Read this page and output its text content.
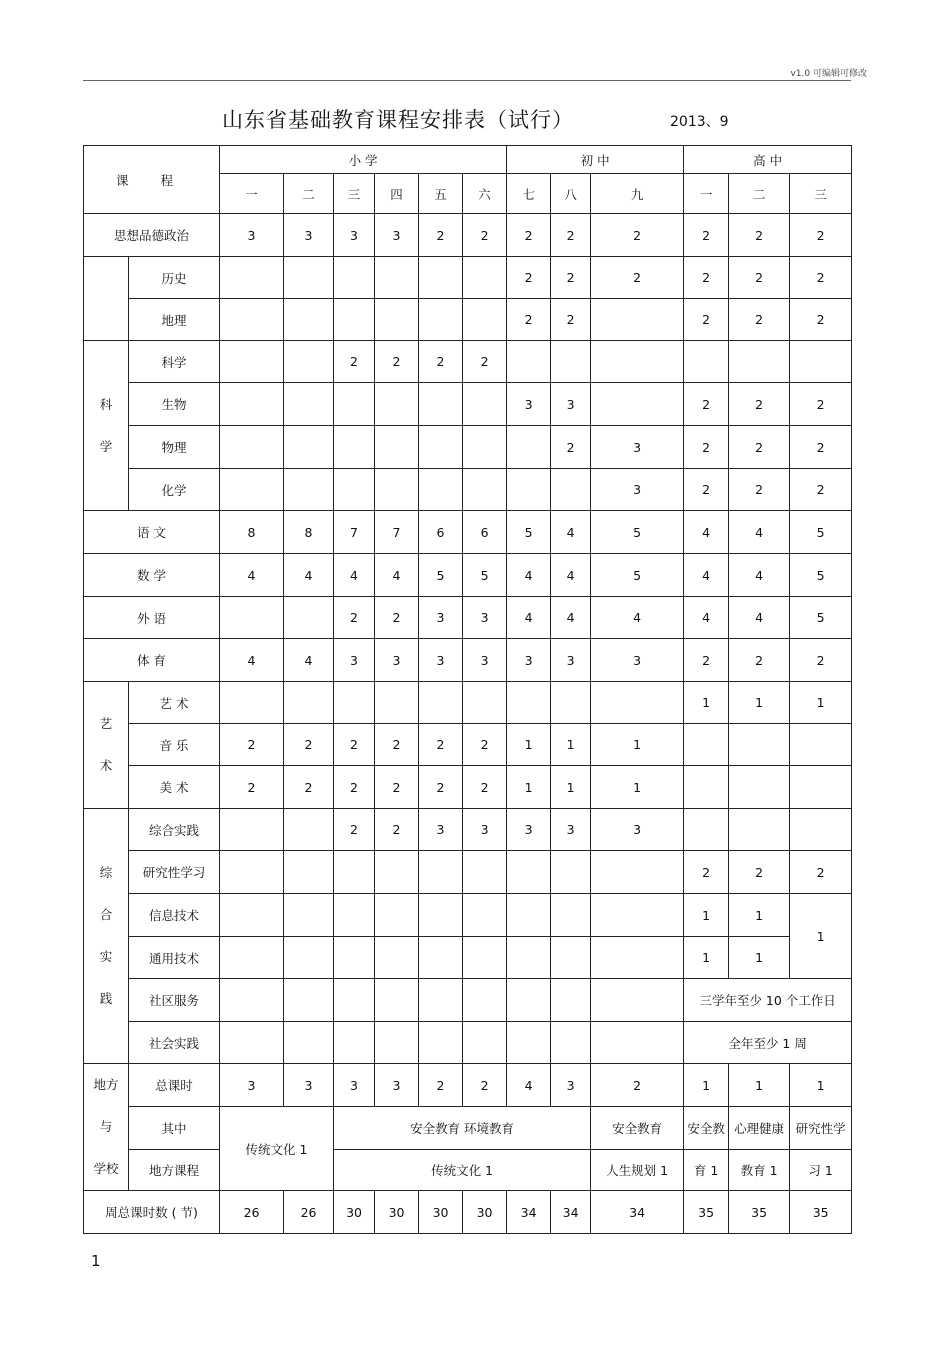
v1.0 可编辑可修改
山东省基础教育课程安排表（试行）	2013、9
课 程		小 学						初 中			高 中		
		一	二	三	四	五	六	七	八	九	一	二	三
思想品德政治		3	3	3	3	2	2	2	2	2	2	2	2
	历史							2	2	2	2	2	2
	地理							2	2		2	2	2

科
学	科学			2	2	2	2						
	生物							3	3		2	2	2
	物理								2	3	2	2	2
	化学									3	2	2	2
语 文		8	8	7	7	6	6	5	4	5	4	4	5
数 学		4	4	4	4	5	5	4	4	5	4	4	5
外 语				2	2	3	3	4	4	4	4	4	5
体 育		4	4	3	3	3	3	3	3	3	2	2	2

艺
术	艺 术										1	1	1
	音 乐	2	2	2	2	2	2	1	1	1			
	美 术	2	2	2	2	2	2	1	1	1			

综
合
实
践	综合实践			2	2	3	3	3	3	3			
	研究性学习										2	2	2
	信息技术										1	1	1
	通用技术										1	1	
	社区服务										三学年至少 10 个工作日		
	社会实践										全年至少 1 周		

地方
与
学校	总课时	3	3	3	3	2	2	4	3	2	1	1	1
	其中	传统文化 1		安全教育 环境教育						安全教育	安全教	心理健康	研究性学
	地方课程			传统文化 1						人生规划 1	育 1	教育 1	习 1
周总课时数 ( 节)		26	26	30	30	30	30	34	34	34	35	35	35
1
